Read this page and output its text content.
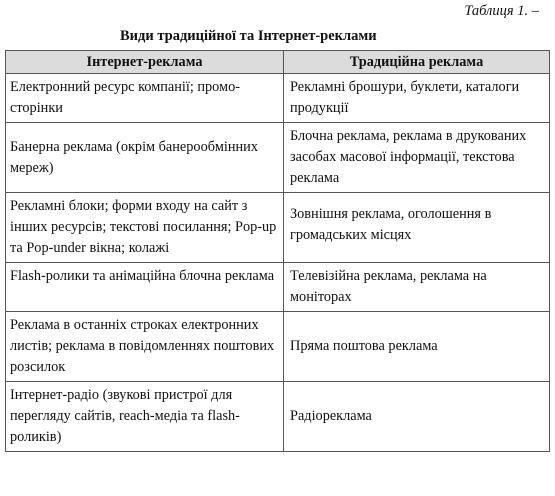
Таблиця 1. –
Види традиційної та Інтернет-реклами
Інтернет-реклама	Традиційна реклама
Електронний ресурс компанії; промо-сторінки	Рекламні брошури, буклети, каталоги продукції
Банерна реклама (окрім банерообмінних мереж)	Блочна реклама, реклама в друкованих засобах масової інформації, текстова реклама
Рекламні блоки; форми входу на сайт з інших ресурсів; текстові посилання; Pop-up та Pop-under вікна; колажі	Зовнішня реклама, оголошення в громадських місцях
Flash-ролики та анімаційна блочна реклама	Телевізійна реклама, реклама на моніторах
Реклама в останніх строках електронних листів; реклама в повідомленнях поштових розсилок	Пряма поштова реклама
Інтернет-радіо (звукові пристрої для перегляду сайтів, reach-медіа та flash-роликів)	Радіореклама
